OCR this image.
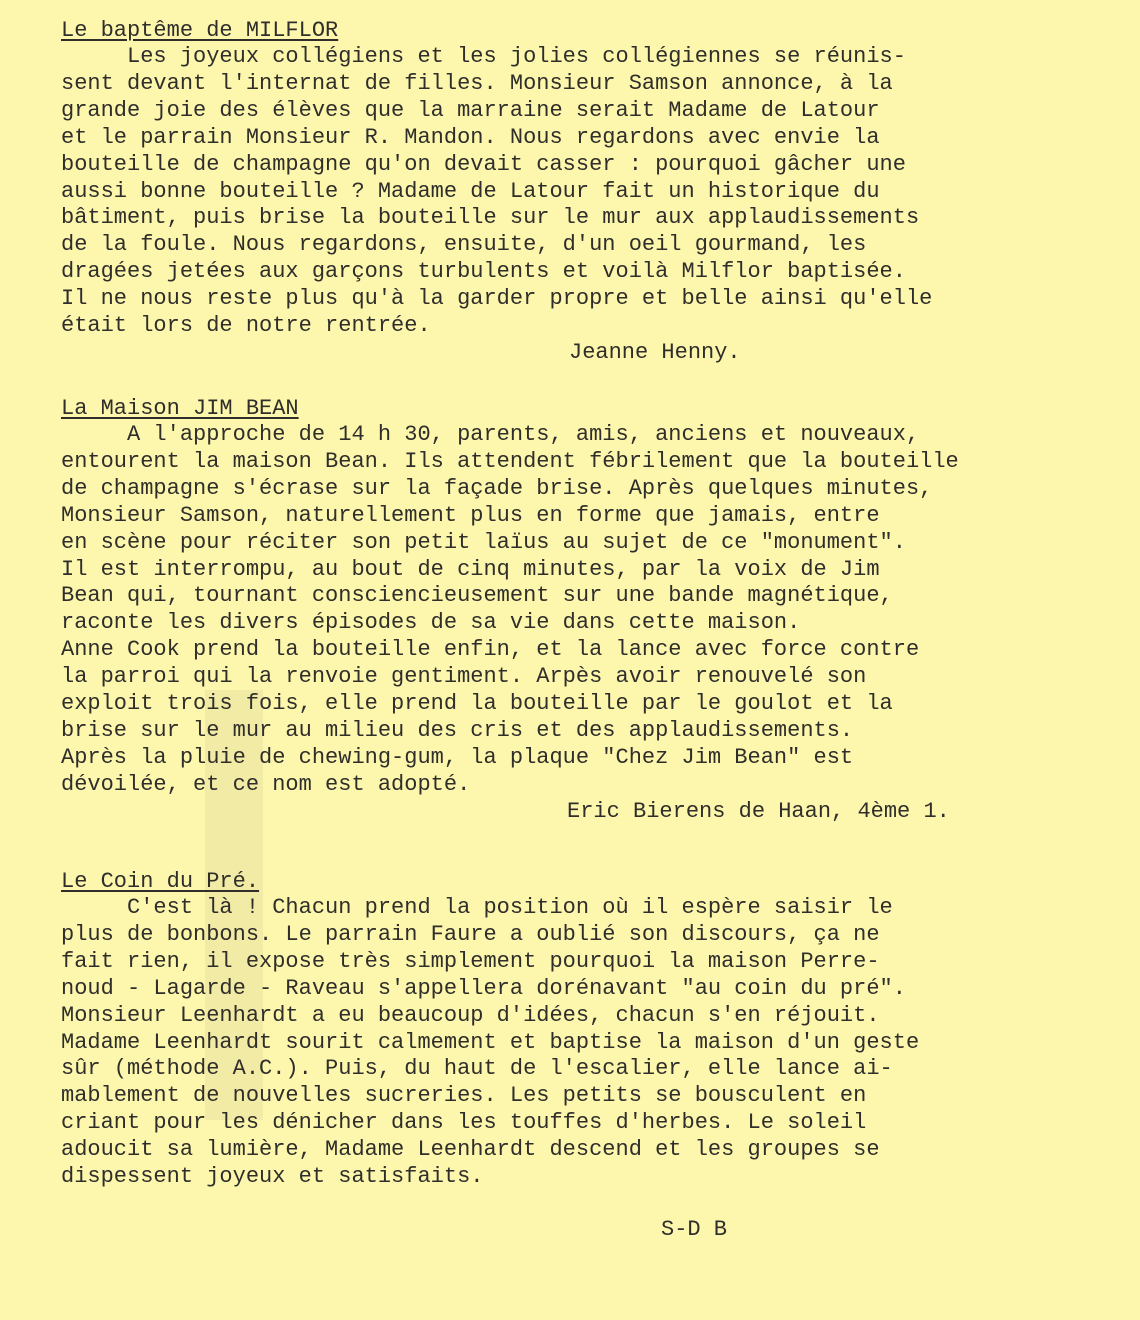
Le baptême de MILFLOR

Les joyeux collégiens et les jolies collégiennes se réunis-

sent devant l'internat de filles. Monsieur Samson annonce, à la

grande joie des élèves que la marraine serait Madame de Latour

et le parrain Monsieur R. Mandon. Nous regardons avec envie la

bouteille de champagne qu'on devait casser : pourquoi gâcher une

aussi bonne bouteille ? Madame de Latour fait un historique du

bâtiment, puis brise la bouteille sur le mur aux applaudissements

de la foule. Nous regardons, ensuite, d'un oeil gourmand, les

dragées jetées aux garçons turbulents et voilà Milflor baptisée.

Il ne nous reste plus qu'à la garder propre et belle ainsi qu'elle

était lors de notre rentrée.

Jeanne Henny.

La Maison JIM BEAN

A l'approche de 14 h 30, parents, amis, anciens et nouveaux,

entourent la maison Bean. Ils attendent fébrilement que la bouteille

de champagne s'écrase sur la façade brise. Après quelques minutes,

Monsieur Samson, naturellement plus en forme que jamais, entre

en scène pour réciter son petit laïus au sujet de ce "monument".

Il est interrompu, au bout de cinq minutes, par la voix de Jim

Bean qui, tournant consciencieusement sur une bande magnétique,

raconte les divers épisodes de sa vie dans cette maison.

Anne Cook prend la bouteille enfin, et la lance avec force contre

la parroi qui la renvoie gentiment. Arpès avoir renouvelé son

exploit trois fois, elle prend la bouteille par le goulot et la

brise sur le mur au milieu des cris et des applaudissements.

Après la pluie de chewing-gum, la plaque "Chez Jim Bean" est

dévoilée, et ce nom est adopté.

Eric Bierens de Haan, 4ème 1.

Le Coin du Pré.

C'est là ! Chacun prend la position où il espère saisir le

plus de bonbons. Le parrain Faure a oublié son discours, ça ne

fait rien, il expose très simplement pourquoi la maison Perre-

noud - Lagarde - Raveau s'appellera dorénavant "au coin du pré".

Monsieur Leenhardt a eu beaucoup d'idées, chacun s'en réjouit.

Madame Leenhardt sourit calmement et baptise la maison d'un geste

sûr (méthode A.C.). Puis, du haut de l'escalier, elle lance ai-

mablement de nouvelles sucreries. Les petits se bousculent en

criant pour les dénicher dans les touffes d'herbes. Le soleil

adoucit sa lumière, Madame Leenhardt descend et les groupes se

dispessent joyeux et satisfaits.

S-D B
